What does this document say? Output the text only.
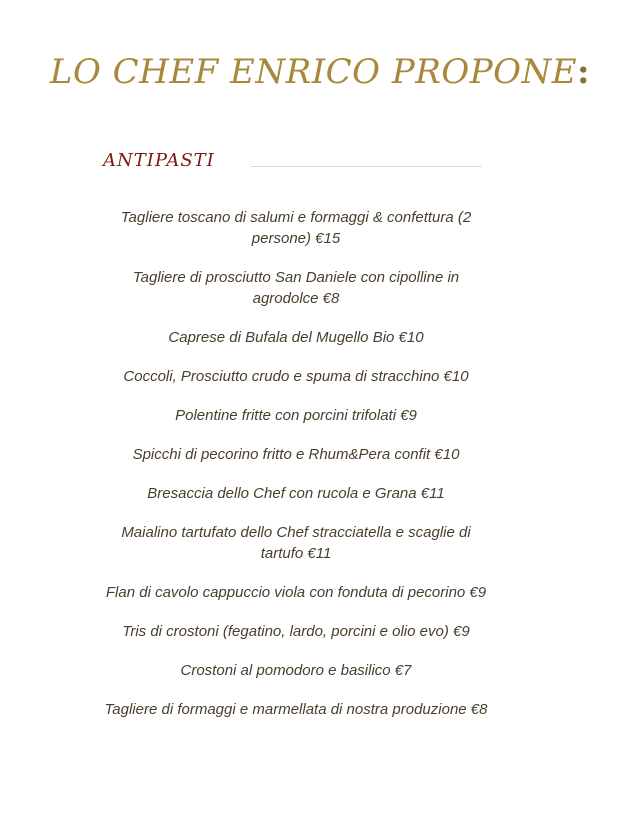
LO CHEF ENRICO PROPONE:
ANTIPASTI
Tagliere toscano di salumi e formaggi & confettura (2 persone) €15
Tagliere di prosciutto San Daniele con cipolline in agrodolce €8
Caprese di Bufala del Mugello Bio €10
Coccoli, Prosciutto crudo e spuma di stracchino €10
Polentine fritte con porcini trifolati €9
Spicchi di pecorino fritto e Rhum&Pera confit €10
Bresaccia dello Chef con rucola e Grana €11
Maialino tartufato dello Chef stracciatella e scaglie di tartufo €11
Flan di cavolo cappuccio viola con fonduta di pecorino €9
Tris di crostoni (fegatino, lardo, porcini e olio evo) €9
Crostoni al pomodoro e basilico €7
Tagliere di formaggi e marmellata di nostra produzione €8
